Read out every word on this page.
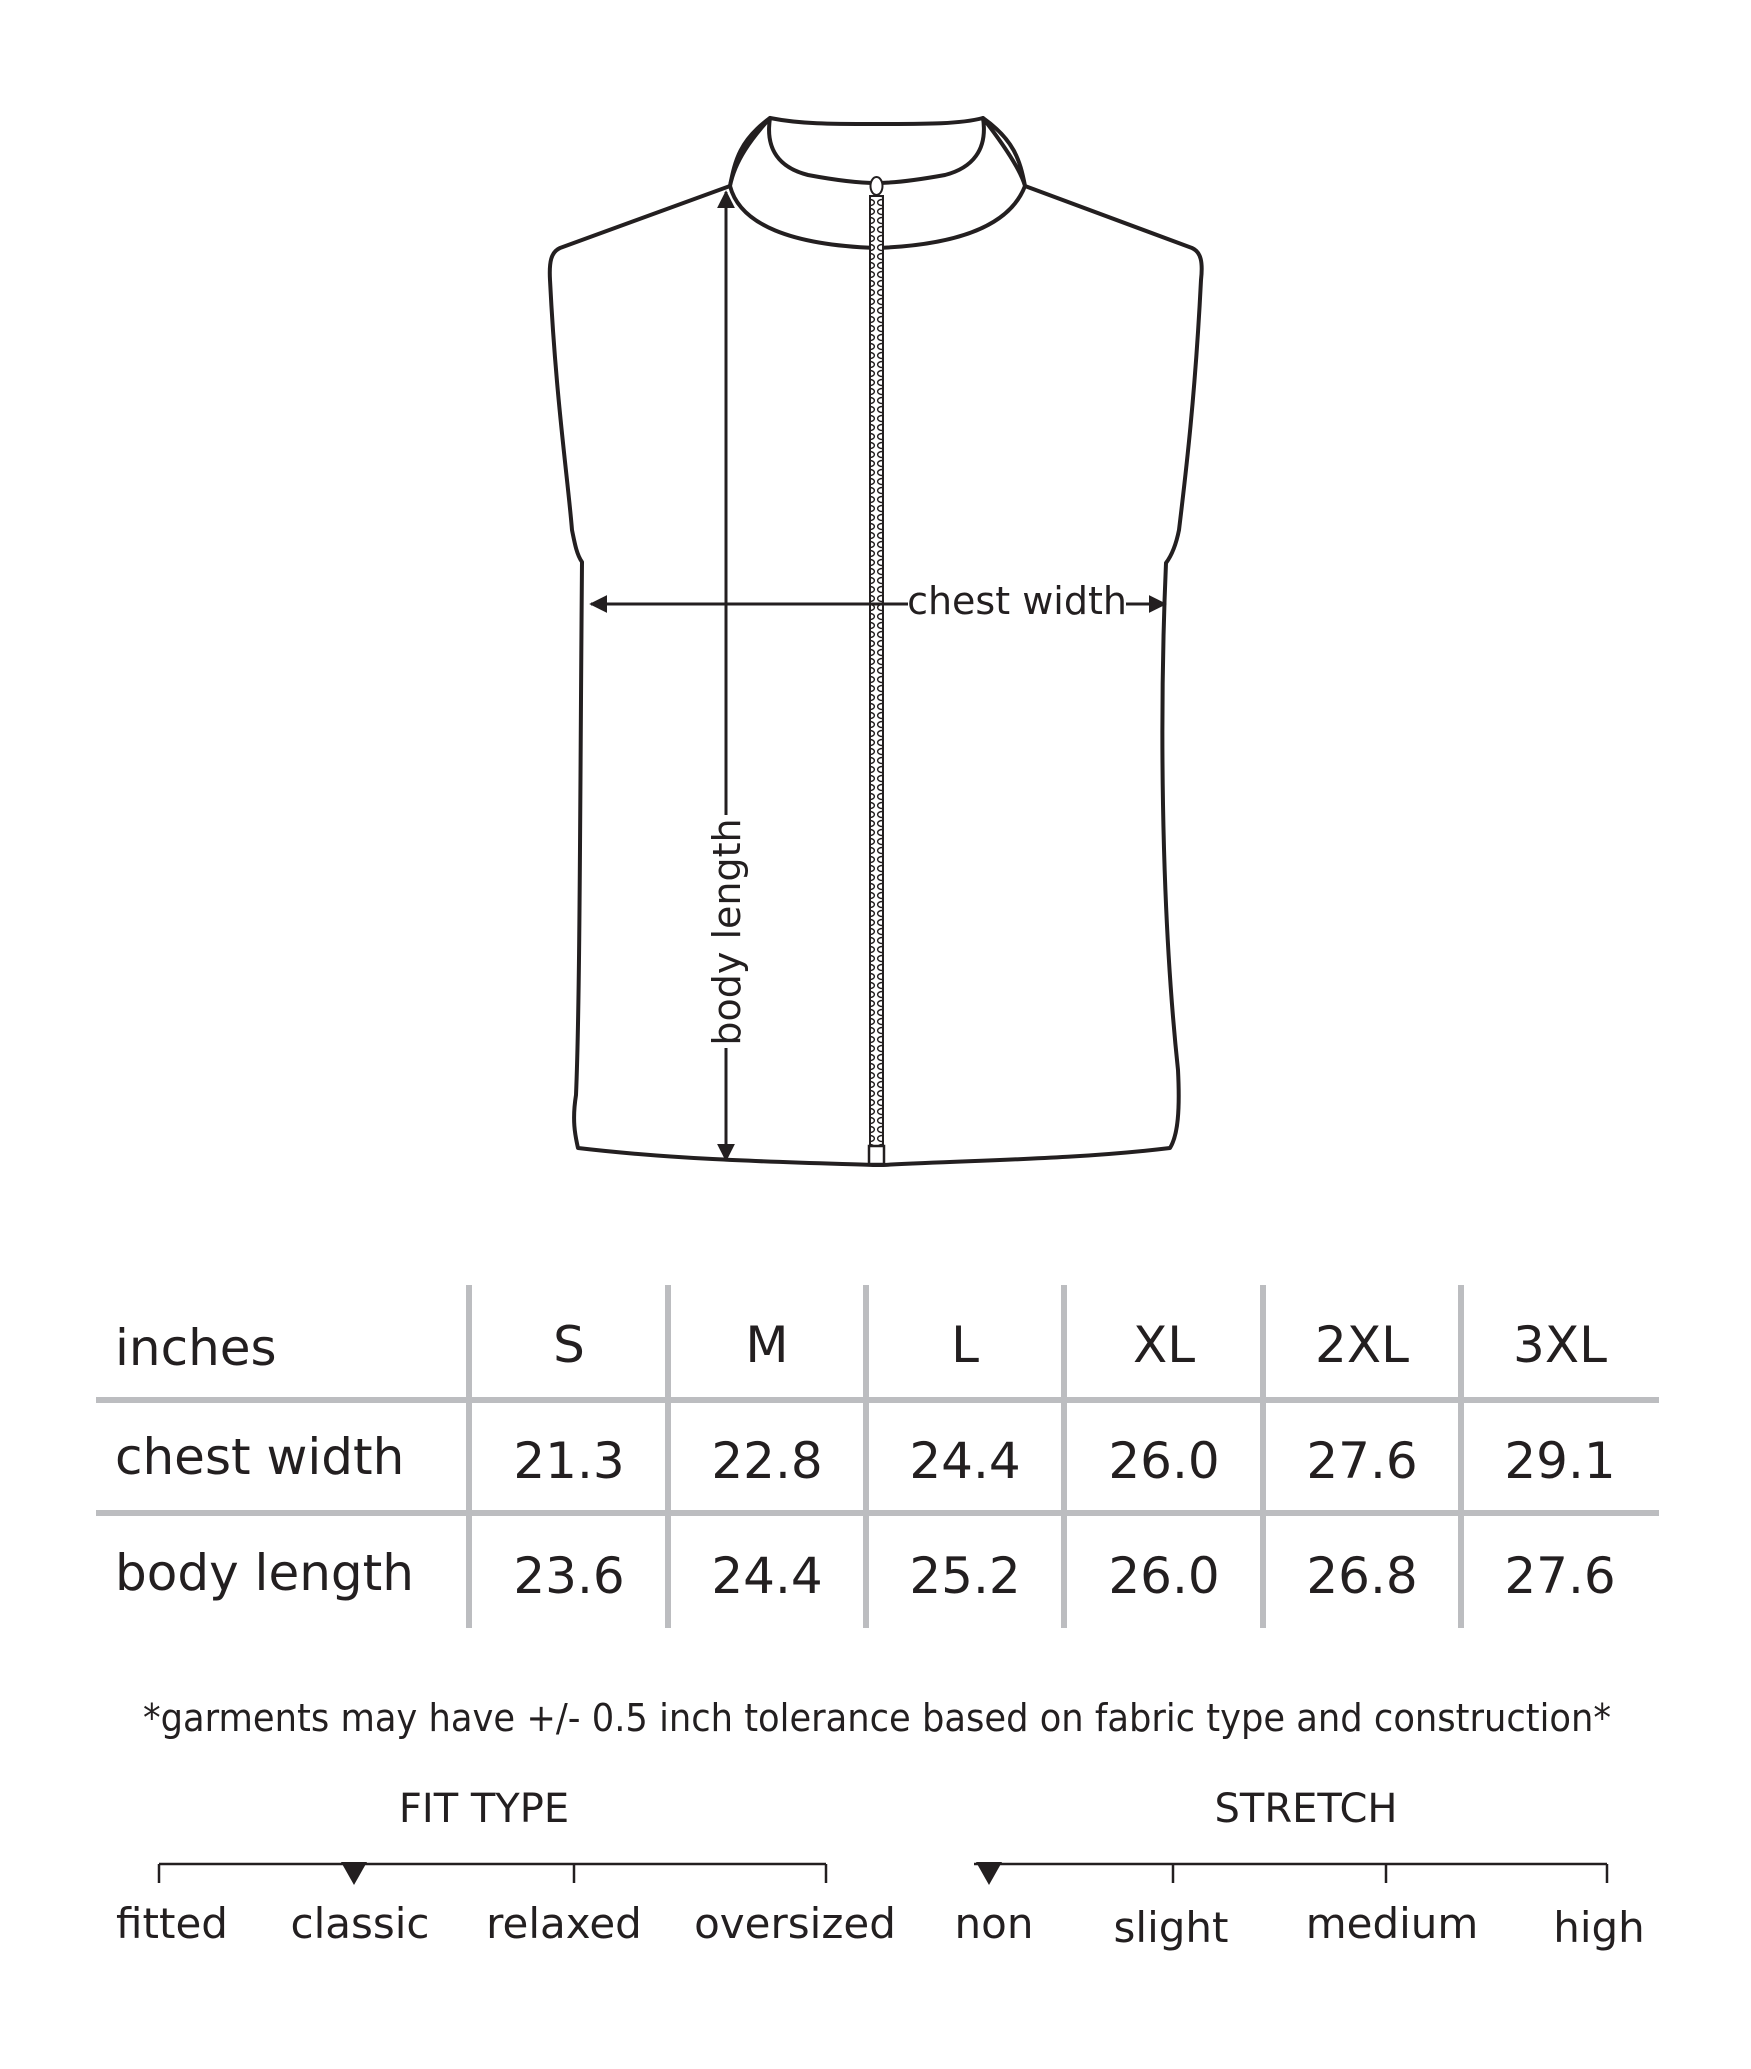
chest width
body length
inches	S	M	L	XL 2XL 3XL
chest width 21.3 22.8 24.4 26.0 27.6 29.1
body length 23.6 24.4 25.2 26.0 26.8 27.6
*garments may have +/- 0.5 inch tolerance based on fabric type and construction*
FIT TYPE
fitted classic relaxed oversized
STRETCH
non slight medium high
